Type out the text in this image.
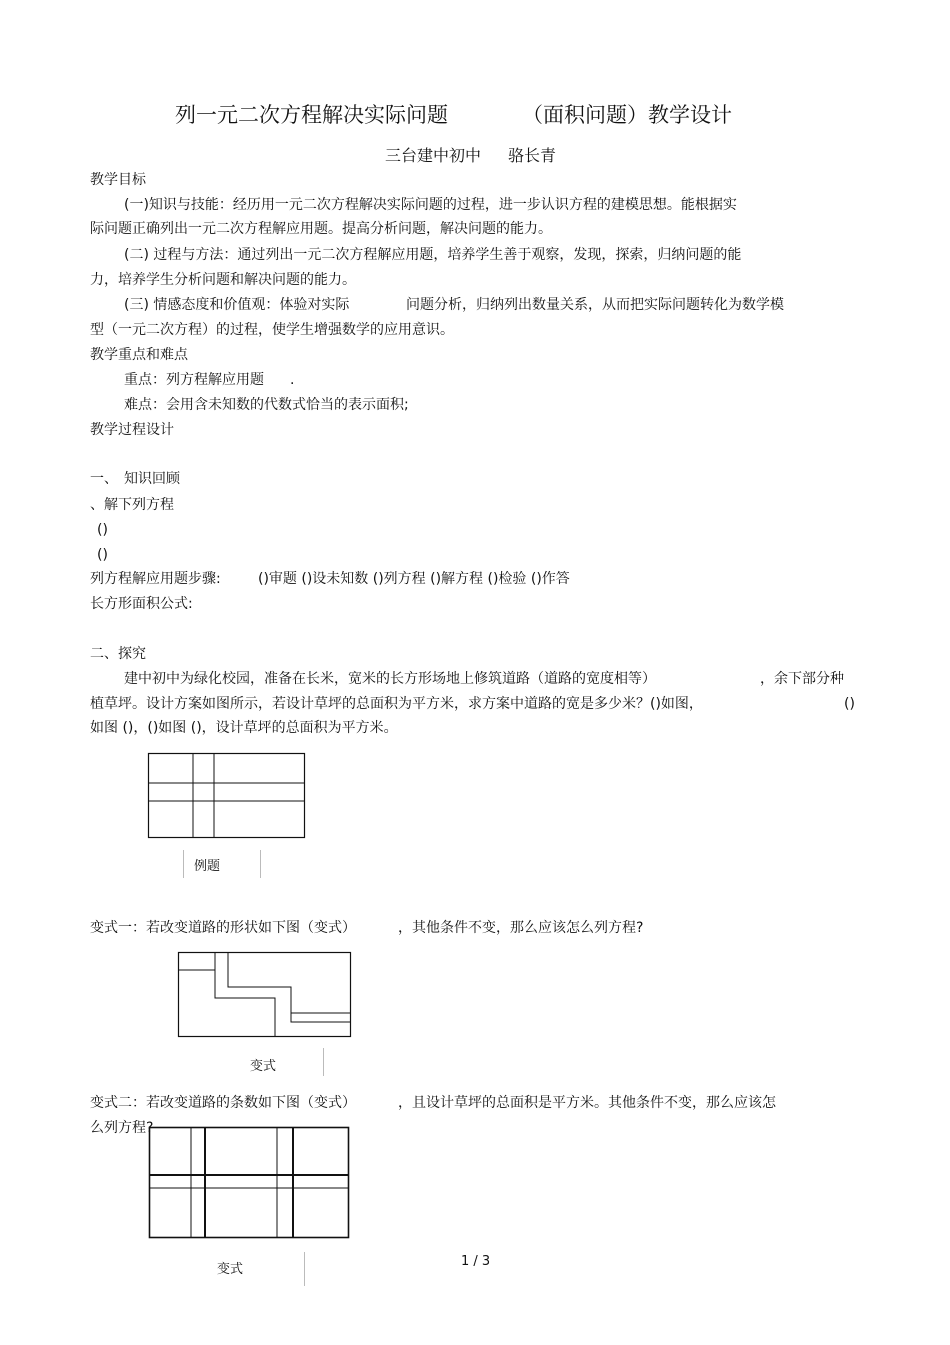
列一元二次方程解决实际问题	（面积问题）教学设计
三台建中初中 骆长青
教学目标
(一)知识与技能：经历用一元二次方程解决实际问题的过程，进一步认识方程的建模思想。能根据实
际问题正确列出一元二次方程解应用题。提高分析问题，解决问题的能力。
(二) 过程与方法：通过列出一元二次方程解应用题，培养学生善于观察，发现，探索，归纳问题的能
力，培养学生分析问题和解决问题的能力。
(三) 情感态度和价值观：体验对实际	问题分析，归纳列出数量关系，从而把实际问题转化为数学模
型（一元二次方程）的过程，使学生增强数学的应用意识。
教学重点和难点
重点：列方程解应用题 .
难点：会用含未知数的代数式恰当的表示面积;
教学过程设计
一、 知识回顾
、解下列方程
()
()
列方程解应用题步骤:	()审题 ()设未知数 ()列方程 ()解方程 ()检验 ()作答
长方形面积公式:
二、探究
建中初中为绿化校园，准备在长米，宽米的长方形场地上修筑道路（道路的宽度相等）	，余下部分种
植草坪。设计方案如图所示，若设计草坪的总面积为平方米，求方案中道路的宽是多少米？()如图，	()
如图 ()，()如图 ()，设计草坪的总面积为平方米。
例题
变式一：若改变道路的形状如下图（变式）	，其他条件不变，那么应该怎么列方程?
变式
变式二：若改变道路的条数如下图（变式）	，且设计草坪的总面积是平方米。其他条件不变，那么应该怎
么列方程?
变式
1 / 3
